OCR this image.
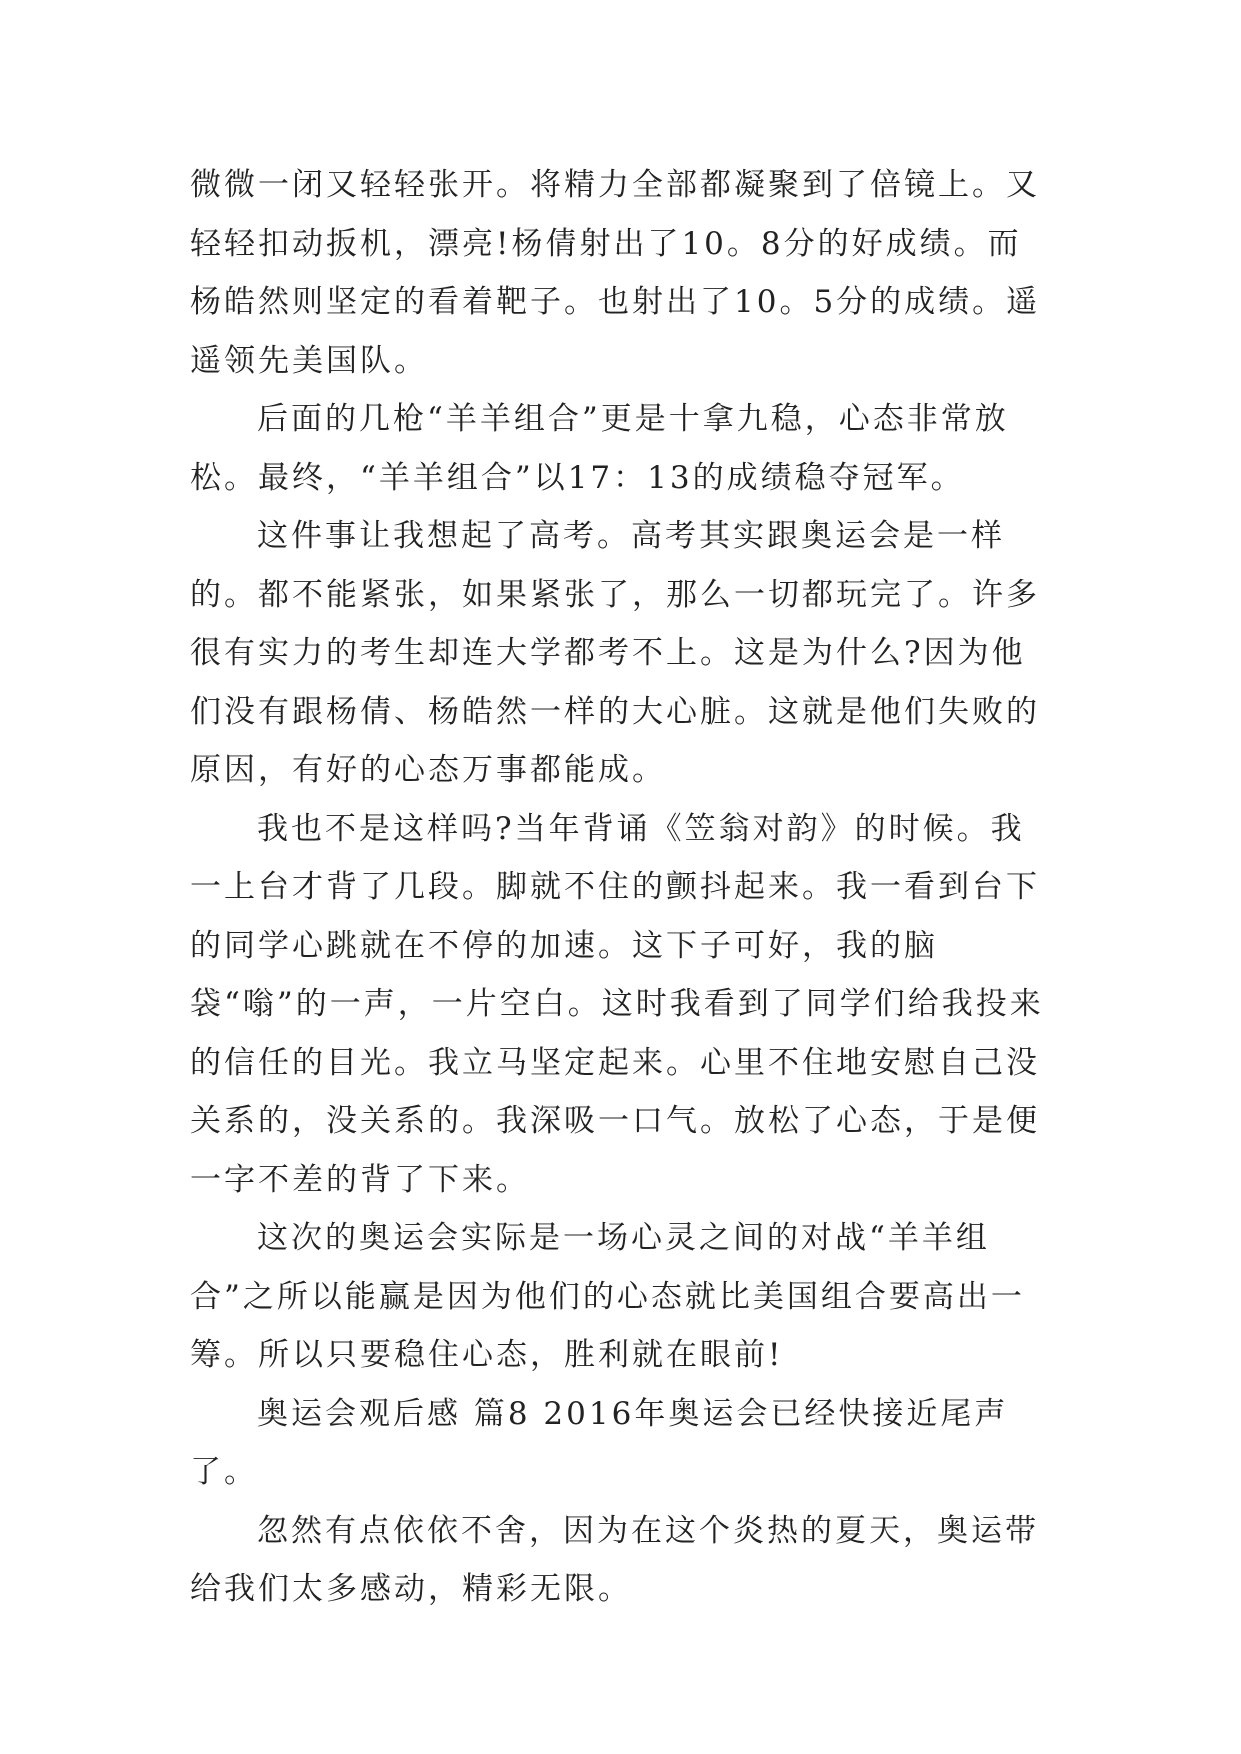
微微一闭又轻轻张开。将精力全部都凝聚到了倍镜上。又轻轻扣动扳机，漂亮!杨倩射出了10。8分的好成绩。而杨皓然则坚定的看着靶子。也射出了10。5分的成绩。遥遥领先美国队。

后面的几枪“羊羊组合”更是十拿九稳，心态非常放松。最终，“羊羊组合”以17：13的成绩稳夺冠军。

这件事让我想起了高考。高考其实跟奥运会是一样的。都不能紧张，如果紧张了，那么一切都玩完了。许多很有实力的考生却连大学都考不上。这是为什么?因为他们没有跟杨倩、杨皓然一样的大心脏。这就是他们失败的原因，有好的心态万事都能成。

我也不是这样吗?当年背诵《笠翁对韵》的时候。我一上台才背了几段。脚就不住的颤抖起来。我一看到台下的同学心跳就在不停的加速。这下子可好，我的脑袋“嗡”的一声，一片空白。这时我看到了同学们给我投来的信任的目光。我立马坚定起来。心里不住地安慰自己没关系的，没关系的。我深吸一口气。放松了心态，于是便一字不差的背了下来。

这次的奥运会实际是一场心灵之间的对战“羊羊组合”之所以能赢是因为他们的心态就比美国组合要高出一筹。所以只要稳住心态，胜利就在眼前!

奥运会观后感 篇8 2016年奥运会已经快接近尾声了。

忽然有点依依不舍，因为在这个炎热的夏天，奥运带给我们太多感动，精彩无限。
